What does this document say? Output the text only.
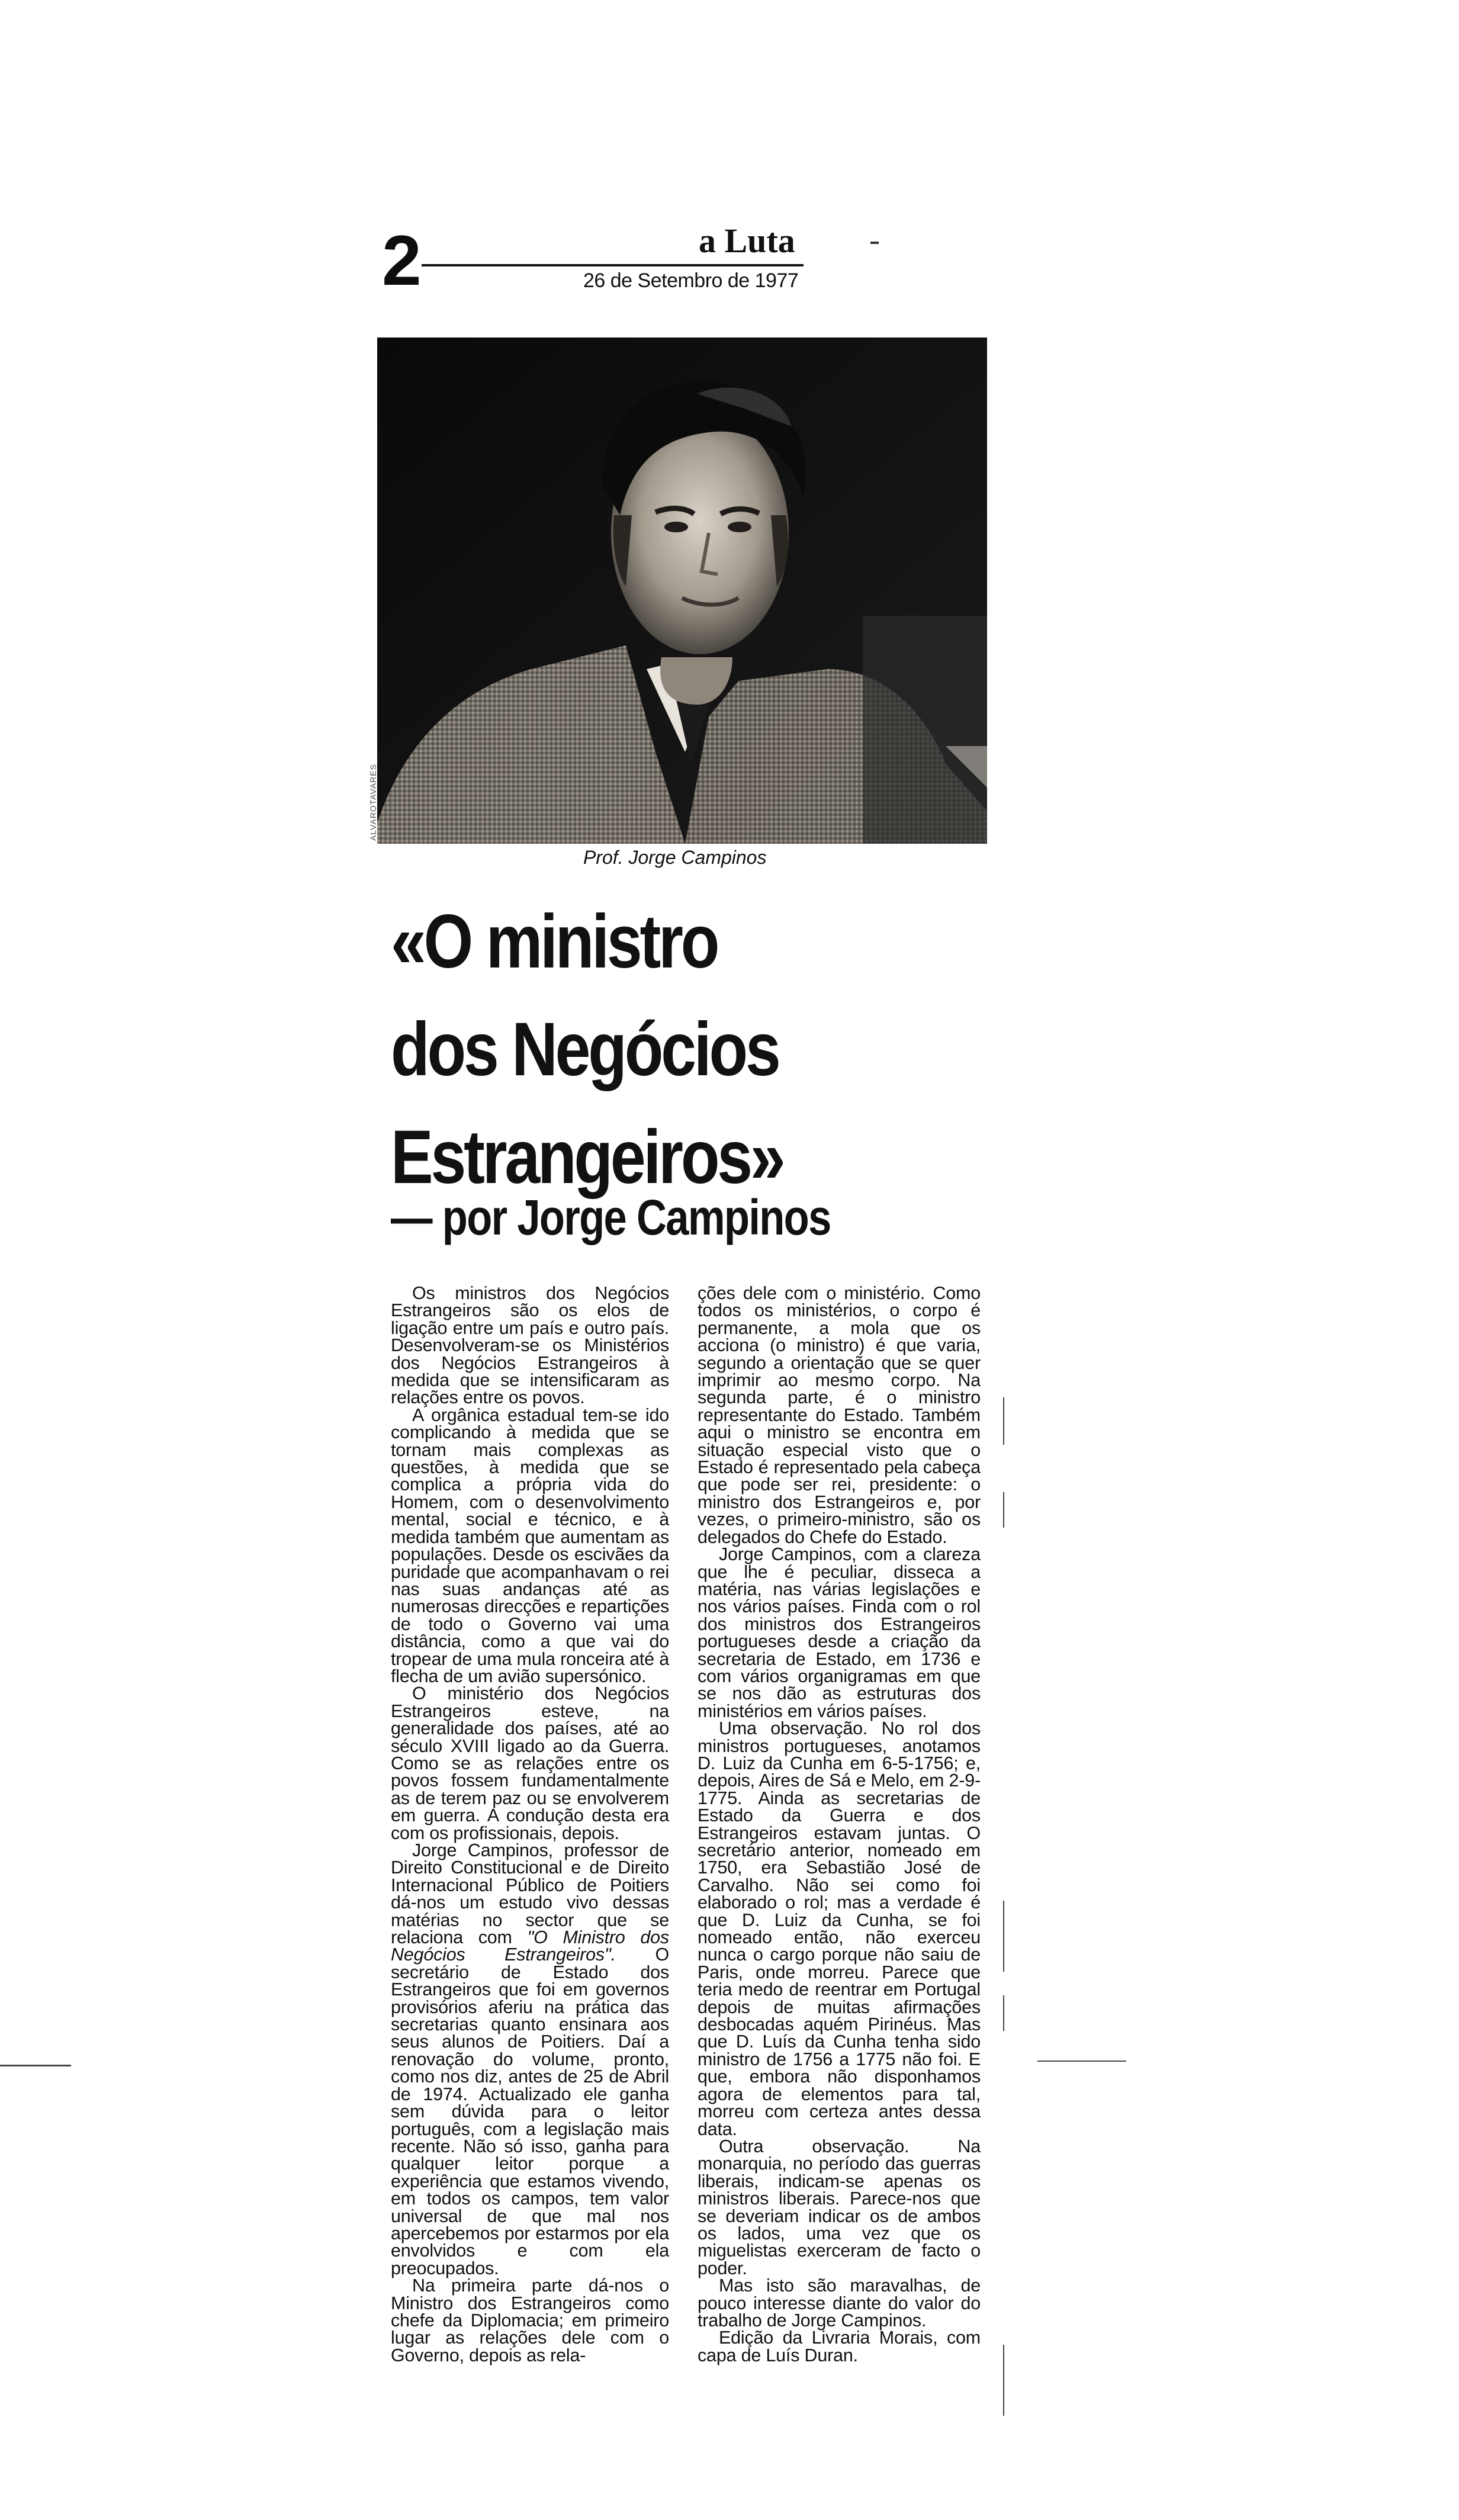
2	a Luta
26 de Setembro de 1977
ALVAROTAVARES
Prof. Jorge Campinos
«O ministro
dos Negócios
Estrangeiros»
— por Jorge Campinos

Os ministros dos Negócios Estrangeiros são os elos de ligação entre um país e outro país. Desenvolveram-se os Ministérios dos Negócios Estrangeiros à medida que se intensificaram as relações entre os povos.

A orgânica estadual tem-se ido complicando à medida que se tornam mais complexas as questões, à medida que se complica a própria vida do Homem, com o desenvolvimento mental, social e técnico, e à medida também que aumentam as populações. Desde os escivães da puridade que acompanhavam o rei nas suas andanças até as numerosas direcções e repartições de todo o Governo vai uma distância, como a que vai do tropear de uma mula ronceira até à flecha de um avião supersónico.

O ministério dos Negócios Estrangeiros esteve, na generalidade dos países, até ao século XVIII ligado ao da Guerra. Como se as relações entre os povos fossem fundamentalmente as de terem paz ou se envolverem em guerra. A condução desta era com os profissionais, depois.

Jorge Campinos, professor de Direito Constitucional e de Direito Internacional Público de Poitiers dá-nos um estudo vivo dessas matérias no sector que se relaciona com "O Ministro dos Negócios Estrangeiros". O secretário de Estado dos Estrangeiros que foi em governos provisórios aferiu na prática das secretarias quanto ensinara aos seus alunos de Poitiers. Daí a renovação do volume, pronto, como nos diz, antes de 25 de Abril de 1974. Actualizado ele ganha sem dúvida para o leitor português, com a legislação mais recente. Não só isso, ganha para qualquer leitor porque a experiência que estamos vivendo, em todos os campos, tem valor universal de que mal nos apercebemos por estarmos por ela envolvidos e com ela preocupados.

Na primeira parte dá-nos o Ministro dos Estrangeiros como chefe da Diplomacia; em primeiro lugar as relações dele com o Governo, depois as rela-

ções dele com o ministério. Como todos os ministérios, o corpo é permanente, a mola que os acciona (o ministro) é que varia, segundo a orientação que se quer imprimir ao mesmo corpo. Na segunda parte, é o ministro representante do Estado. Também aqui o ministro se encontra em situação especial visto que o Estado é representado pela cabeça que pode ser rei, presidente: o ministro dos Estrangeiros e, por vezes, o primeiro-ministro, são os delegados do Chefe do Estado.

Jorge Campinos, com a clareza que lhe é peculiar, disseca a matéria, nas várias legislações e nos vários países. Finda com o rol dos ministros dos Estrangeiros portugueses desde a criação da secretaria de Estado, em 1736 e com vários organigramas em que se nos dão as estruturas dos ministérios em vários países.

Uma observação. No rol dos ministros portugueses, anotamos D. Luiz da Cunha em 6-5-1756; e, depois, Aires de Sá e Melo, em 2-9-1775. Ainda as secretarias de Estado da Guerra e dos Estrangeiros estavam juntas. O secretário anterior, nomeado em 1750, era Sebastião José de Carvalho. Não sei como foi elaborado o rol; mas a verdade é que D. Luiz da Cunha, se foi nomeado então, não exerceu nunca o cargo porque não saiu de Paris, onde morreu. Parece que teria medo de reentrar em Portugal depois de muitas afirmações desbocadas aquém Pirinéus. Mas que D. Luís da Cunha tenha sido ministro de 1756 a 1775 não foi. E que, embora não disponhamos agora de elementos para tal, morreu com certeza antes dessa data.

Outra observação. Na monarquia, no período das guerras liberais, indicam-se apenas os ministros liberais. Parece-nos que se deveriam indicar os de ambos os lados, uma vez que os miguelistas exerceram de facto o poder.

Mas isto são maravalhas, de pouco interesse diante do valor do trabalho de Jorge Campinos.

Edição da Livraria Morais, com capa de Luís Duran.
